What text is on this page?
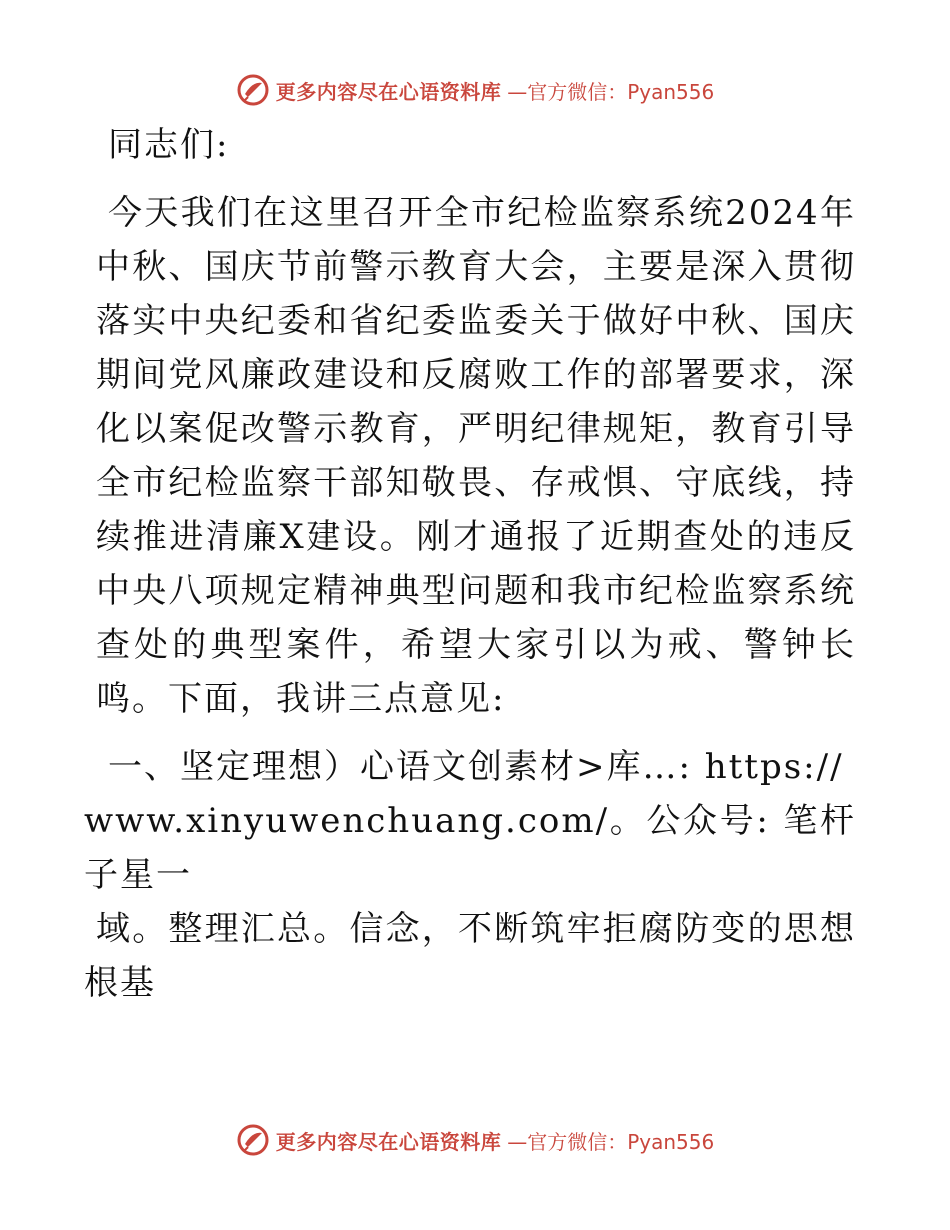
更多内容尽在心语资料库 —官方微信：Pyan556

同志们:

今天我们在这里召开全市纪检监察系统2024年中秋、国庆节前警示教育大会，主要是深入贯彻落实中央纪委和省纪委监委关于做好中秋、国庆期间党风廉政建设和反腐败工作的部署要求，深化以案促改警示教育，严明纪律规矩，教育引导全市纪检监察干部知敬畏、存戒惧、守底线，持续推进清廉X建设。刚才通报了近期查处的违反中央八项规定精神典型问题和我市纪检监察系统查处的典型案件，希望大家引以为戒、警钟长鸣。下面，我讲三点意见:

一、坚定理想）心语文创素材>库…: https://
www.xinyuwenchuang.com/。公众号: 笔杆子星一
域。整理汇总。信念，不断筑牢拒腐防变的思想根基

更多内容尽在心语资料库 —官方微信：Pyan556
